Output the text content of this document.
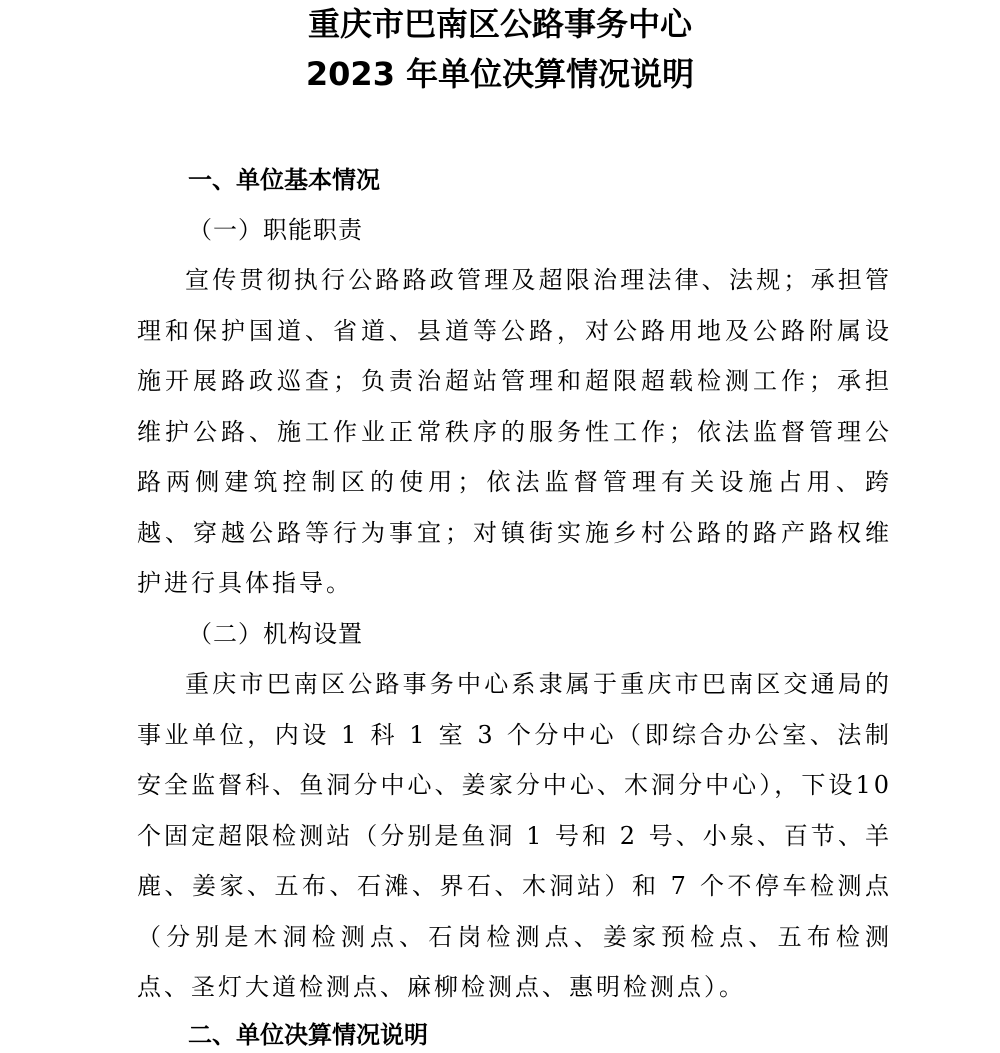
重庆市巴南区公路事务中心
2023 年单位决算情况说明
一、单位基本情况
（一）职能职责

宣传贯彻执行公路路政管理及超限治理法律、法规；承担管理和保护国道、省道、县道等公路，对公路用地及公路附属设施开展路政巡查；负责治超站管理和超限超载检测工作；承担维护公路、施工作业正常秩序的服务性工作；依法监督管理公路两侧建筑控制区的使用；依法监督管理有关设施占用、跨越、穿越公路等行为事宜；对镇街实施乡村公路的路产路权维护进行具体指导。

（二）机构设置

重庆市巴南区公路事务中心系隶属于重庆市巴南区交通局的事业单位，内设 1 科 1 室 3 个分中心（即综合办公室、法制安全监督科、鱼洞分中心、姜家分中心、木洞分中心），下设10 个固定超限检测站（分别是鱼洞 1 号和 2 号、小泉、百节、羊鹿、姜家、五布、石滩、界石、木洞站）和 7 个不停车检测点（分别是木洞检测点、石岗检测点、姜家预检点、五布检测点、圣灯大道检测点、麻柳检测点、惠明检测点）。

二、单位决算情况说明
